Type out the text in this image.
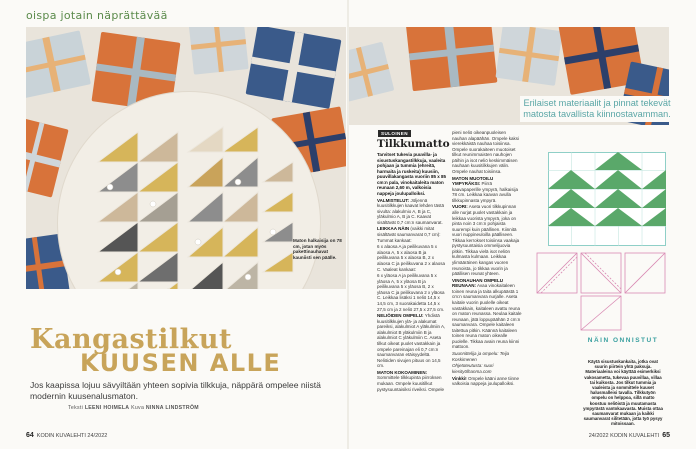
oispa jotain näprättävää
Maton halkaisija on 78 cm, jotan myös pakettinauhavat kauniisti sen päälle.
Kangastilkut
KUUSEN ALLE
Jos kaapissa lojuu sävyiltään yhteen sopivia tilkkuja, näppärä ompelee niistä modernin kuusenalusmaton.
Teksti LEENI HOIMELA Kuva NINNA LINDSTRÖM
64 KODIN KUVALEHTI 24/2022
Erilaiset materiaalit ja pinnat tekevät matosta tavallista kiinnostavamman.
SULOINEN
Tilkkumatto

Tarvitset tukevia puuvilla- ja sisustuskangastilkkuja, vaaleita pohjaan ja tummia (ehreitä, harmaita ja ruskeita) kuusiin, puuvillakangasta vuoriin 85 x 85 cm:n pala, vinokaitaleita maton reunaan 2,60 m, valkoisia nappeja joulupalloiksi.

VALMISTELUT: Jöljennä kuusitilkkujen kaavat lehden tästä sivulta: alakulmio A, B ja C, yläkulmio A, B ja C. Kaavat sisältävät 0,7 cm:n saumanvarat.

LEIKKAA NÄIN (vaikki mitat sisältävät saumanvarat 0,7 cm): Tummat kankaat:

6 x alaosa A ja peilikuvana 5 x alaosa A, 5 x alaosa B ja peilikuvana 5 x alaosa B, 2 x alaosa C ja peilikuvana 2 x alaosa C. Vaaleat kankaat:

6 x yläosa A ja peilikuvana 5 x yläosa A, 5 x yläosa B ja peilikuvana 5 x yläosa B, 2 x yläosa C ja peilikuvana 2 x yläosa C. Leikkaa lisäksi 1 neliö 14,5 x 14,5 cm, 3 suorakaidetta 14,5 x 27,5 cm ja 2 neliö 27,5 x 27,5 cm.

NELIÖIDEN OMPELU: Yhdistä kuusitilkkujen ylä- ja alakumat pareiksi, alakulmiot A yläkulmiin A, alakulmiot B yläkulmiin B ja alakulmiot C yläkulmiin C. Aseta tilkut oikeat puolet vastakkain ja ompele pareinajan eli 0,7 cm:n saumanvaran etäisyydeltä. Neliöiden sivujen pituus on 14,5 cm.

MATON KOKOAMINEN: Sommittele tilkkupinta piirroksen mukaan. Ompele kuusitilkut pystysuuntaisiksi riveiksi. Ompele

pieni neliö oikeanpuoleisen nauhan alapäähän. Ompele kaksi vierekkäistä nauhaa toisiinsa. Ompele suorakaiteen muotoiset tilkut reunimmaisten nauhojen päihin ja isot neliö keskimmäisen nauhaan kuusitilkkujen välin. Ompele nauhat toisiinsa.

MATON MUOTOILU YMPYRÄKSI: Piirrä kaavapaperille ympyrä, halkaisija 78 cm. Leikkaa kaavan avulla tilkkupinnasta ympyrä.

VUORI: Aseta vuori tilkkupinnan alle nurjat puolet vastakkain ja leikkaa vuorista ympyrä, joka on pinta noin 3 cm:n pohjaista suurempi kuin päällinen. Kiinnitä vuori nuppineuloilla päälliseen. Tikkaa kerrokset toisiinsa vaakaja pystysuuntaisia ommelijuovia pitkin. Tikkaa vielä isot neliön kulmasta kulmaan. Leikkaa ylimääräinen kangas vuoren reunoista, jo tikkaa vuorin ja päällisen reunat yhteen.

VINONAUHAN OMPELU REUNAAN: Avaa vinokaitaleen toinen reuna ja taita alkupäästä 1 cm:n saumanvara nurjalle. Aseta kaitale vuorin puolelle oikeat vastakkain, kaitaleen avattu reuna on maton reunassa. Neulaa kaitale reunaan, jätä loppupäähän 2 cm:n saumanvara. Ompele kaitaleen taitettua pitkin. Käännä kaitaleen toinen reuna maton oikealle puolelle. Tikkaa avain reuna kiinni mattoon.

Suunnittelija ja ompelu: Teija Koskimenen

Ohjetoteutusta: suuri kiesityölhanma.com

Vinkki! Ompele kääni anne tiinne valkoisia nappeja joulupalloiksi.

NÄIN ONNISTUT
Käytä sisustuskankaita, jotka ovat suurin piirtein yhtä paksuja. Materiaaleina voi käyttää esimerkiksi vakosametta, tukevaa puuvillaa, villaa tai kuikosta. Jos tilkut tummia ja vaaleista ja sommittele kuuset halusmalleisi tavalla. Tilkkutyön ompelu on helppoa, sillä matto koostuu neliöistä ja muutamasta ympyrästä vantokaavasta. Muista ottaa saumanvarat mukaan ja kaikki saumanvarat silitetään, jotta työ pysyy mitoissaan.
24/2022 KODIN KUVALEHTI 65
